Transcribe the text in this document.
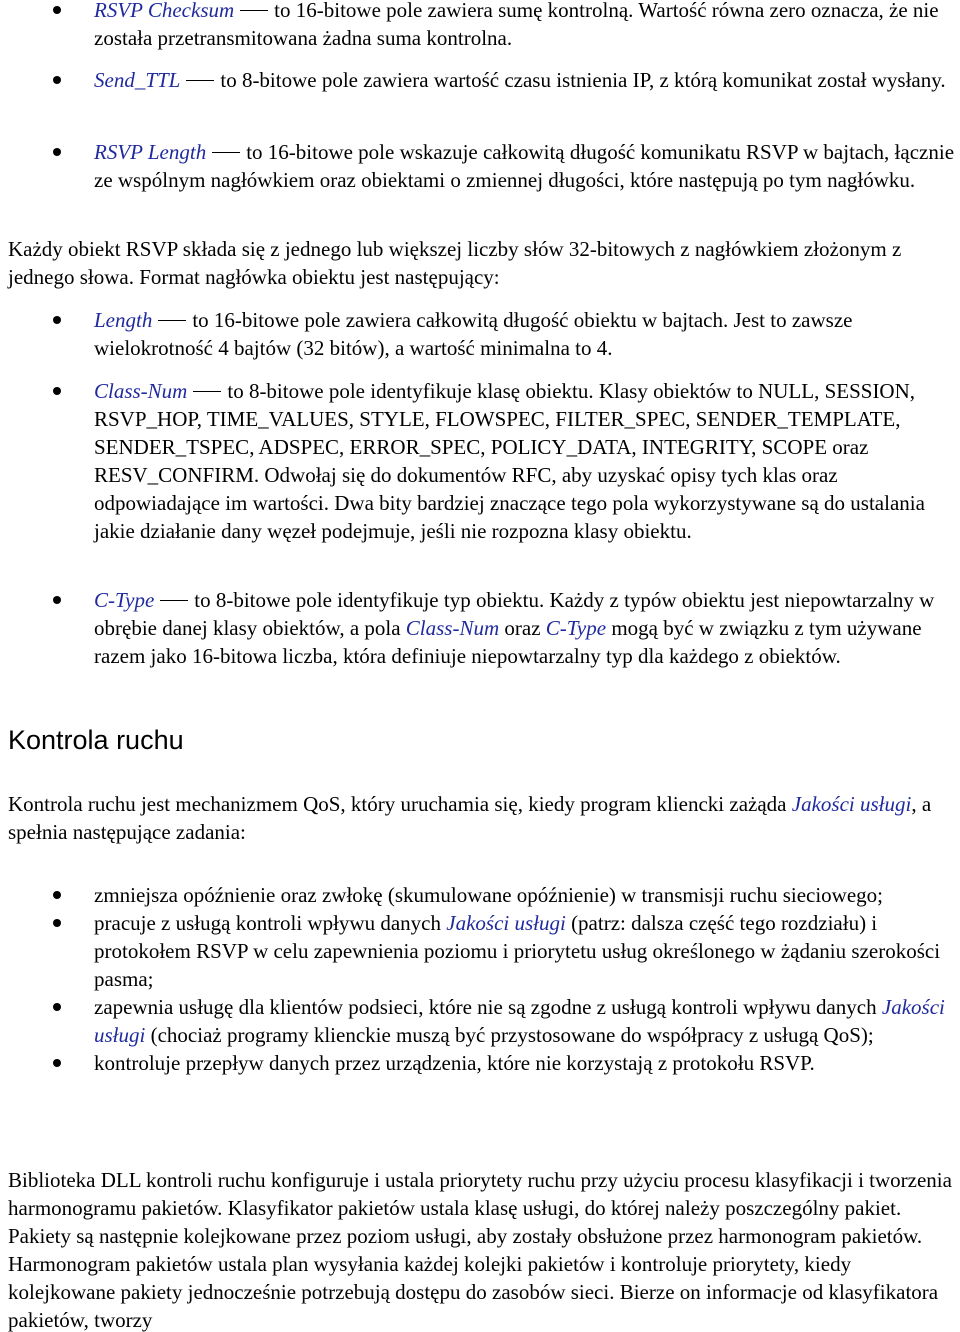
RSVP Checksum to 16-bitowe pole zawiera sumę kontrolną. Wartość równa zero oznacza, że nie została przetransmitowana żadna suma kontrolna.
Send_TTL to 8-bitowe pole zawiera wartość czasu istnienia IP, z którą komunikat został wysłany.
RSVP Length to 16-bitowe pole wskazuje całkowitą długość komunikatu RSVP w bajtach, łącznie ze wspólnym nagłówkiem oraz obiektami o zmiennej długości, które następują po tym nagłówku.

Każdy obiekt RSVP składa się z jednego lub większej liczby słów 32-bitowych z nagłówkiem złożonym z jednego słowa. Format nagłówka obiektu jest następujący:

Length to 16-bitowe pole zawiera całkowitą długość obiektu w bajtach. Jest to zawsze wielokrotność 4 bajtów (32 bitów), a wartość minimalna to 4.
Class-Num to 8-bitowe pole identyfikuje klasę obiektu. Klasy obiektów to NULL, SESSION, RSVP_HOP, TIME_VALUES, STYLE, FLOWSPEC, FILTER_SPEC, SENDER_TEMPLATE, SENDER_TSPEC, ADSPEC, ERROR_SPEC, POLICY_DATA, INTEGRITY, SCOPE oraz RESV_CONFIRM. Odwołaj się do dokumentów RFC, aby uzyskać opisy tych klas oraz odpowiadające im wartości. Dwa bity bardziej znaczące tego pola wykorzystywane są do ustalania jakie działanie dany węzeł podejmuje, jeśli nie rozpozna klasy obiektu.
C-Type to 8-bitowe pole identyfikuje typ obiektu. Każdy z typów obiektu jest niepowtarzalny w obrębie danej klasy obiektów, a pola Class-Num oraz C-Type mogą być w związku z tym używane razem jako 16-bitowa liczba, która definiuje niepowtarzalny typ dla każdego z obiektów.
Kontrola ruchu

Kontrola ruchu jest mechanizmem QoS, który uruchamia się, kiedy program kliencki zażąda Jakości usługi, a spełnia następujące zadania:

zmniejsza opóźnienie oraz zwłokę (skumulowane opóźnienie) w transmisji ruchu sieciowego;
pracuje z usługą kontroli wpływu danych Jakości usługi (patrz: dalsza część tego rozdziału) i protokołem RSVP w celu zapewnienia poziomu i priorytetu usług określonego w żądaniu szerokości pasma;
zapewnia usługę dla klientów podsieci, które nie są zgodne z usługą kontroli wpływu danych Jakości usługi (chociaż programy klienckie muszą być przystosowane do współpracy z usługą QoS);
kontroluje przepływ danych przez urządzenia, które nie korzystają z protokołu RSVP.

Biblioteka DLL kontroli ruchu konfiguruje i ustala priorytety ruchu przy użyciu procesu klasyfikacji i tworzenia harmonogramu pakietów. Klasyfikator pakietów ustala klasę usługi, do której należy poszczególny pakiet. Pakiety są następnie kolejkowane przez poziom usługi, aby zostały obsłużone przez harmonogram pakietów. Harmonogram pakietów ustala plan wysyłania każdej kolejki pakietów i kontroluje priorytety, kiedy kolejkowane pakiety jednocześnie potrzebują dostępu do zasobów sieci. Bierze on informacje od klasyfikatora pakietów, tworzy
